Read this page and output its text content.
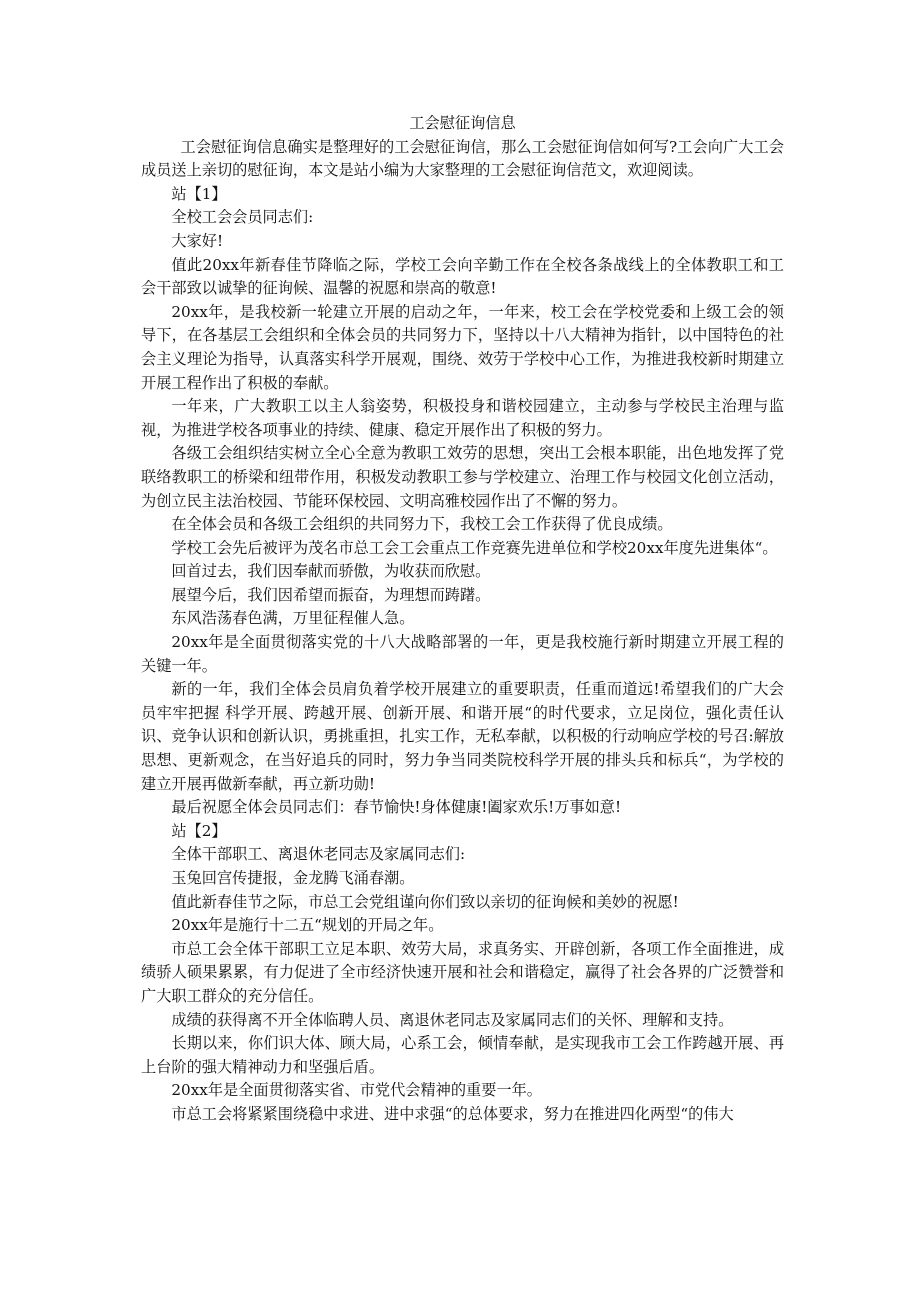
工会慰征询信息

工会慰征询信息确实是整理好的工会慰征询信，那么工会慰征询信如何写?工会向广大工会成员送上亲切的慰征询，本文是站小编为大家整理的工会慰征询信范文，欢迎阅读。

站【1】

全校工会会员同志们:

大家好!

值此20xx年新春佳节降临之际，学校工会向辛勤工作在全校各条战线上的全体教职工和工会干部致以诚挚的征询候、温馨的祝愿和崇高的敬意!

20xx年，是我校新一轮建立开展的启动之年，一年来，校工会在学校党委和上级工会的领导下，在各基层工会组织和全体会员的共同努力下，坚持以十八大精神为指针，以中国特色的社会主义理论为指导，认真落实科学开展观，围绕、效劳于学校中心工作，为推进我校新时期建立开展工程作出了积极的奉献。

一年来，广大教职工以主人翁姿势，积极投身和谐校园建立，主动参与学校民主治理与监视，为推进学校各项事业的持续、健康、稳定开展作出了积极的努力。

各级工会组织结实树立全心全意为教职工效劳的思想，突出工会根本职能，出色地发挥了党联络教职工的桥梁和纽带作用，积极发动教职工参与学校建立、治理工作与校园文化创立活动，为创立民主法治校园、节能环保校园、文明高雅校园作出了不懈的努力。

在全体会员和各级工会组织的共同努力下，我校工会工作获得了优良成绩。

学校工会先后被评为茂名市总工会工会重点工作竞赛先进单位和学校20xx年度先进集体“。

回首过去，我们因奉献而骄傲，为收获而欣慰。

展望今后，我们因希望而振奋，为理想而踌躇。

东风浩荡春色满，万里征程催人急。

20xx年是全面贯彻落实党的十八大战略部署的一年，更是我校施行新时期建立开展工程的关键一年。

新的一年，我们全体会员肩负着学校开展建立的重要职责，任重而道远!希望我们的广大会员牢牢把握 科学开展、跨越开展、创新开展、和谐开展“的时代要求，立足岗位，强化责任认识、竞争认识和创新认识，勇挑重担，扎实工作，无私奉献，以积极的行动响应学校的号召:解放思想、更新观念，在当好追兵的同时，努力争当同类院校科学开展的排头兵和标兵“，为学校的建立开展再做新奉献，再立新功勋!

最后祝愿全体会员同志们：春节愉快!身体健康!阖家欢乐!万事如意!

站【2】

全体干部职工、离退休老同志及家属同志们:

玉兔回宫传捷报，金龙腾飞涌春潮。

值此新春佳节之际，市总工会党组谨向你们致以亲切的征询候和美妙的祝愿!

20xx年是施行十二五“规划的开局之年。

市总工会全体干部职工立足本职、效劳大局，求真务实、开辟创新，各项工作全面推进，成绩骄人硕果累累，有力促进了全市经济快速开展和社会和谐稳定，赢得了社会各界的广泛赞誉和广大职工群众的充分信任。

成绩的获得离不开全体临聘人员、离退休老同志及家属同志们的关怀、理解和支持。

长期以来，你们识大体、顾大局，心系工会，倾情奉献，是实现我市工会工作跨越开展、再上台阶的强大精神动力和坚强后盾。

20xx年是全面贯彻落实省、市党代会精神的重要一年。

市总工会将紧紧围绕稳中求进、进中求强“的总体要求，努力在推进四化两型“的伟大
